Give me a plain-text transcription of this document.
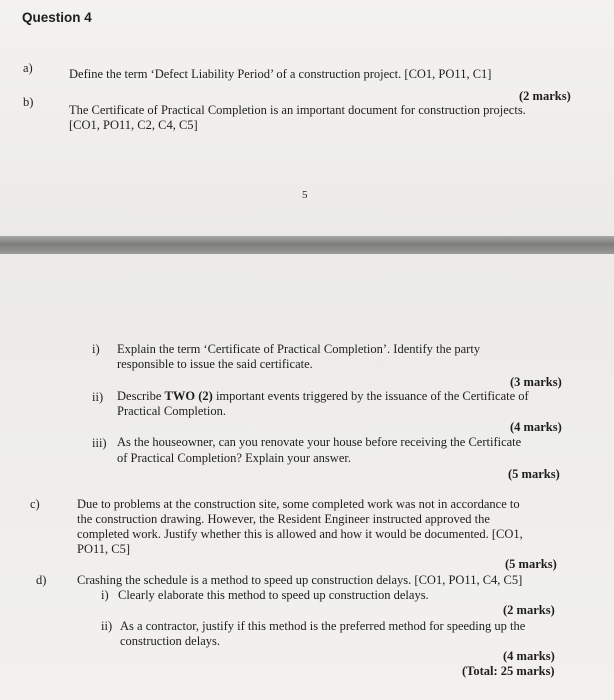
Question 4
a)	Define the term ‘Defect Liability Period’ of a construction project. [CO1, PO11, C1]
(2 marks)
b)
The Certificate of Practical Completion is an important document for construction projects.
[CO1, PO11, C2, C4, C5]
5
i) Explain the term ‘Certificate of Practical Completion’. Identify the party
responsible to issue the said certificate.
(3 marks)
ii) Describe TWO (2) important events triggered by the issuance of the Certificate of
Practical Completion.
(4 marks)
iii) As the houseowner, can you renovate your house before receiving the Certificate
of Practical Completion? Explain your answer.
(5 marks)
c)	Due to problems at the construction site, some completed work was not in accordance to
the construction drawing. However, the Resident Engineer instructed approved the
completed work. Justify whether this is allowed and how it would be documented. [CO1,
PO11, C5]
(5 marks)
d) Crashing the schedule is a method to speed up construction delays. [CO1, PO11, C4, C5]
i) Clearly elaborate this method to speed up construction delays.
(2 marks)
ii) As a contractor, justify if this method is the preferred method for speeding up the
construction delays.
(4 marks)
(Total: 25 marks)
